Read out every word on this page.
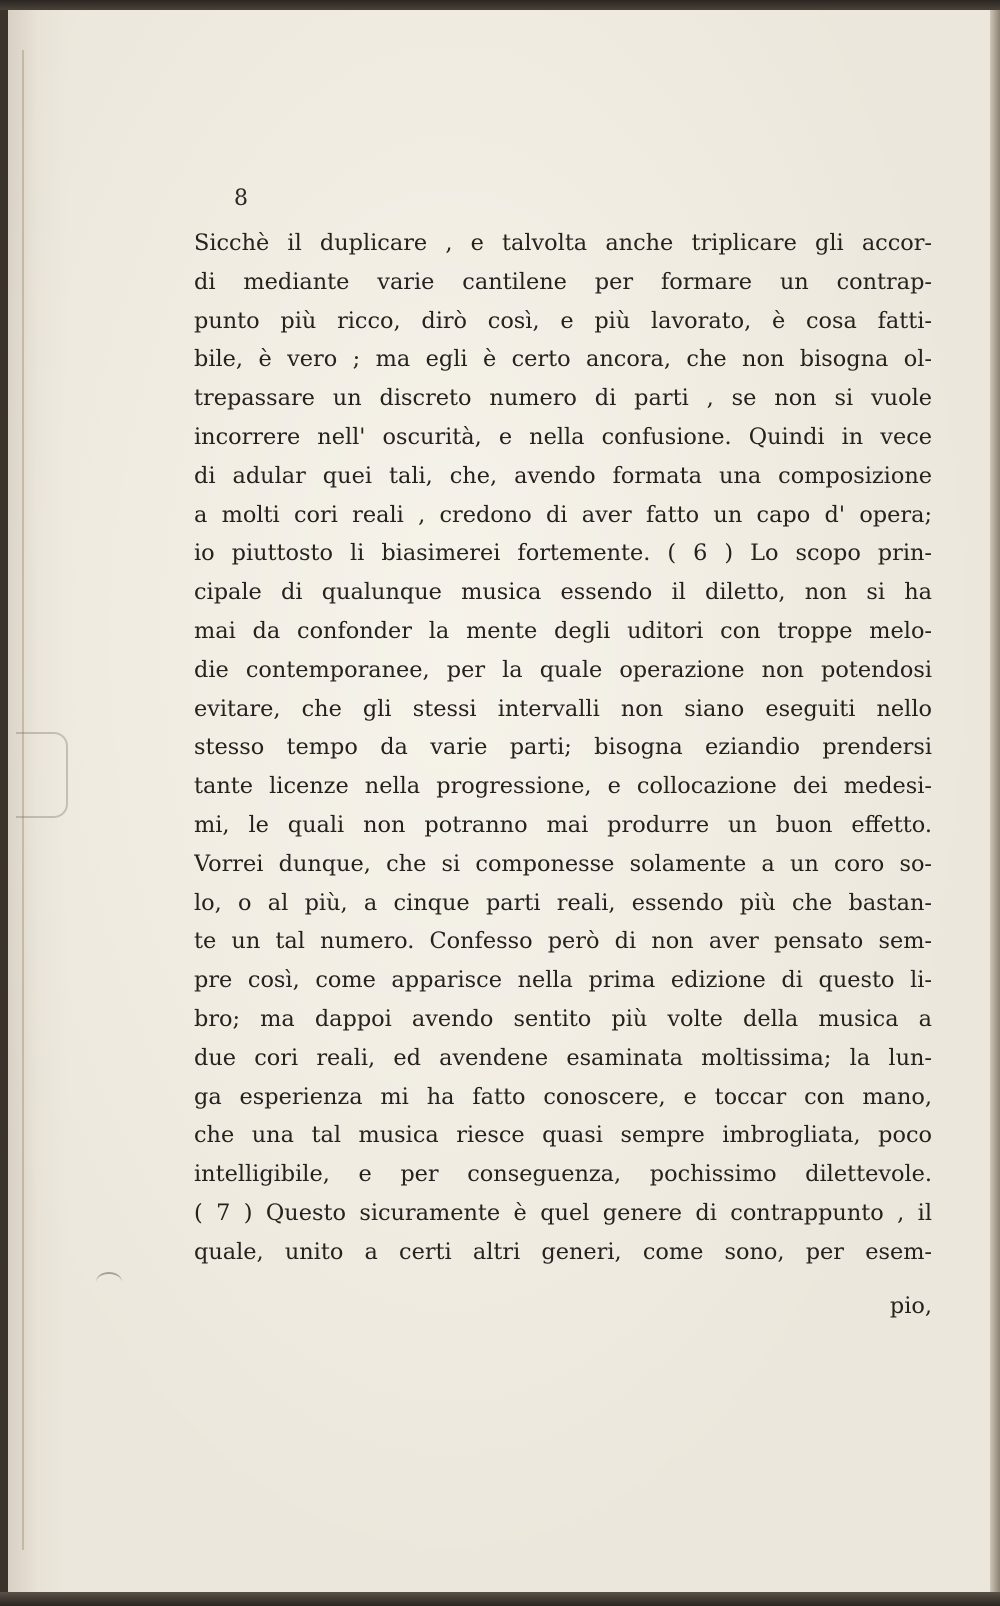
8
Sicchè il duplicare , e talvolta anche triplicare gli accor-
di mediante varie cantilene per formare un contrap-
punto più ricco, dirò così, e più lavorato, è cosa fatti-
bile, è vero ; ma egli è certo ancora, che non bisogna ol-
trepassare un discreto numero di parti , se non si vuole
incorrere nell' oscurità, e nella confusione. Quindi in vece
di adular quei tali, che, avendo formata una composizione
a molti cori reali , credono di aver fatto un capo d' opera;
io piuttosto li biasimerei fortemente. ( 6 ) Lo scopo prin-
cipale di qualunque musica essendo il diletto, non si ha
mai da confonder la mente degli uditori con troppe melo-
die contemporanee, per la quale operazione non potendosi
evitare, che gli stessi intervalli non siano eseguiti nello
stesso tempo da varie parti; bisogna eziandio prendersi
tante licenze nella progressione, e collocazione dei medesi-
mi, le quali non potranno mai produrre un buon effetto.
Vorrei dunque, che si componesse solamente a un coro so-
lo, o al più, a cinque parti reali, essendo più che bastan-
te un tal numero. Confesso però di non aver pensato sem-
pre così, come apparisce nella prima edizione di questo li-
bro; ma dappoi avendo sentito più volte della musica a
due cori reali, ed avendene esaminata moltissima; la lun-
ga esperienza mi ha fatto conoscere, e toccar con mano,
che una tal musica riesce quasi sempre imbrogliata, poco
intelligibile, e per conseguenza, pochissimo dilettevole.
( 7 ) Questo sicuramente è quel genere di contrappunto , il
quale, unito a certi altri generi, come sono, per esem-
pio,
